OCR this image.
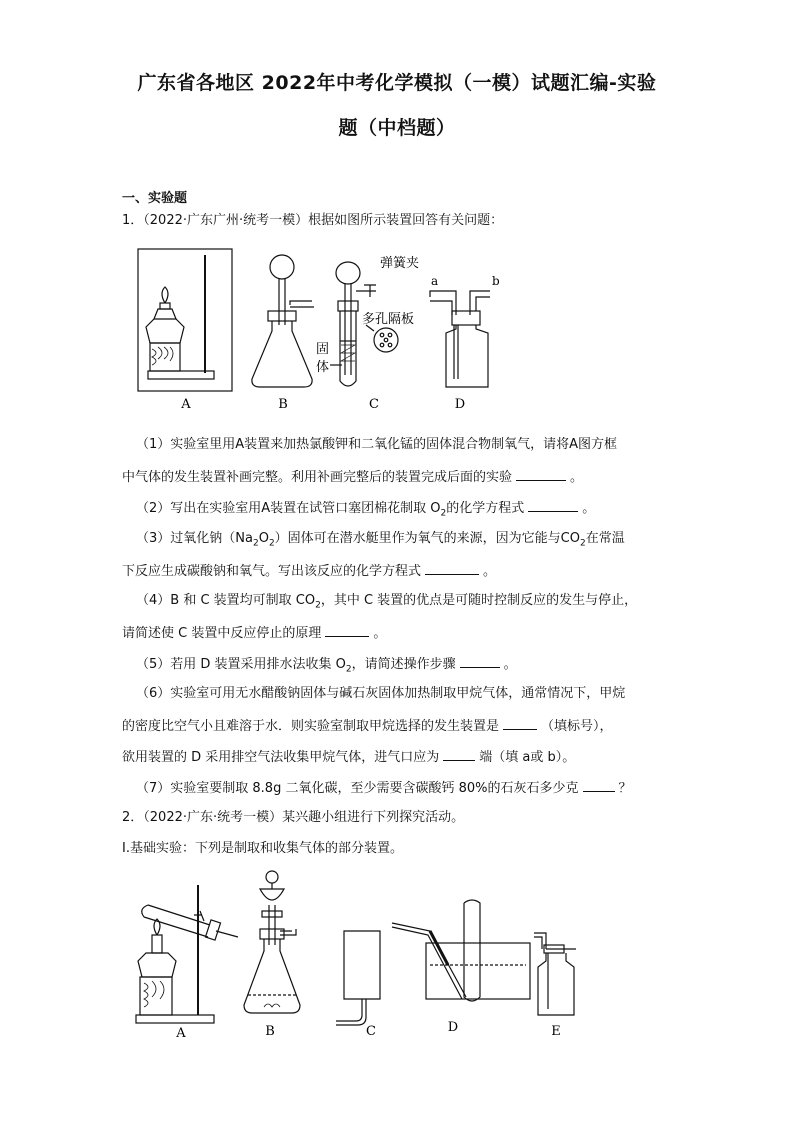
广东省各地区 2022年中考化学模拟（一模）试题汇编-实验
题（中档题）
一、实验题
1．（2022·广东广州·统考一模）根据如图所示装置回答有关问题：
弹簧夹
多孔隔板
固
体
a	b
A	B	C	D
（1）实验室里用A装置来加热氯酸钾和二氧化锰的固体混合物制氧气，请将A图方框
中气体的发生装置补画完整。利用补画完整后的装置完成后面的实验	。
（2）写出在实验室用A装置在试管口塞团棉花制取 $O_2$的化学方程式	。
（3）过氧化钠$(Na_2O_2)$固体可在潜水艇里作为氧气的来源，因为它能与$CO_2$在常温
下反应生成碳酸钠和氧气。写出该反应的化学方程式	。
（4）B 和 C 装置均可制取 $CO_2$，其中 C 装置的优点是可随时控制反应的发生与停止，
请简述使 C 装置中反应停止的原理	。
（5）若用 D 装置采用排水法收集 $O_2$，请简述操作步骤	。
（6）实验室可用无水醋酸钠固体与碱石灰固体加热制取甲烷气体，通常情况下，甲烷
的密度比空气小且难溶于水．则实验室制取甲烷选择的发生装置是	（填标号），
欲用装置的 D 采用排空气法收集甲烷气体，进气口应为	端（填 a或 b）。
（7）实验室要制取 8.8g 二氧化碳，至少需要含碳酸钙 80%的石灰石多少克	？
2．（2022·广东·统考一模）某兴趣小组进行下列探究活动。
I.基础实验：下列是制取和收集气体的部分装置。
A	B	C	D	E
